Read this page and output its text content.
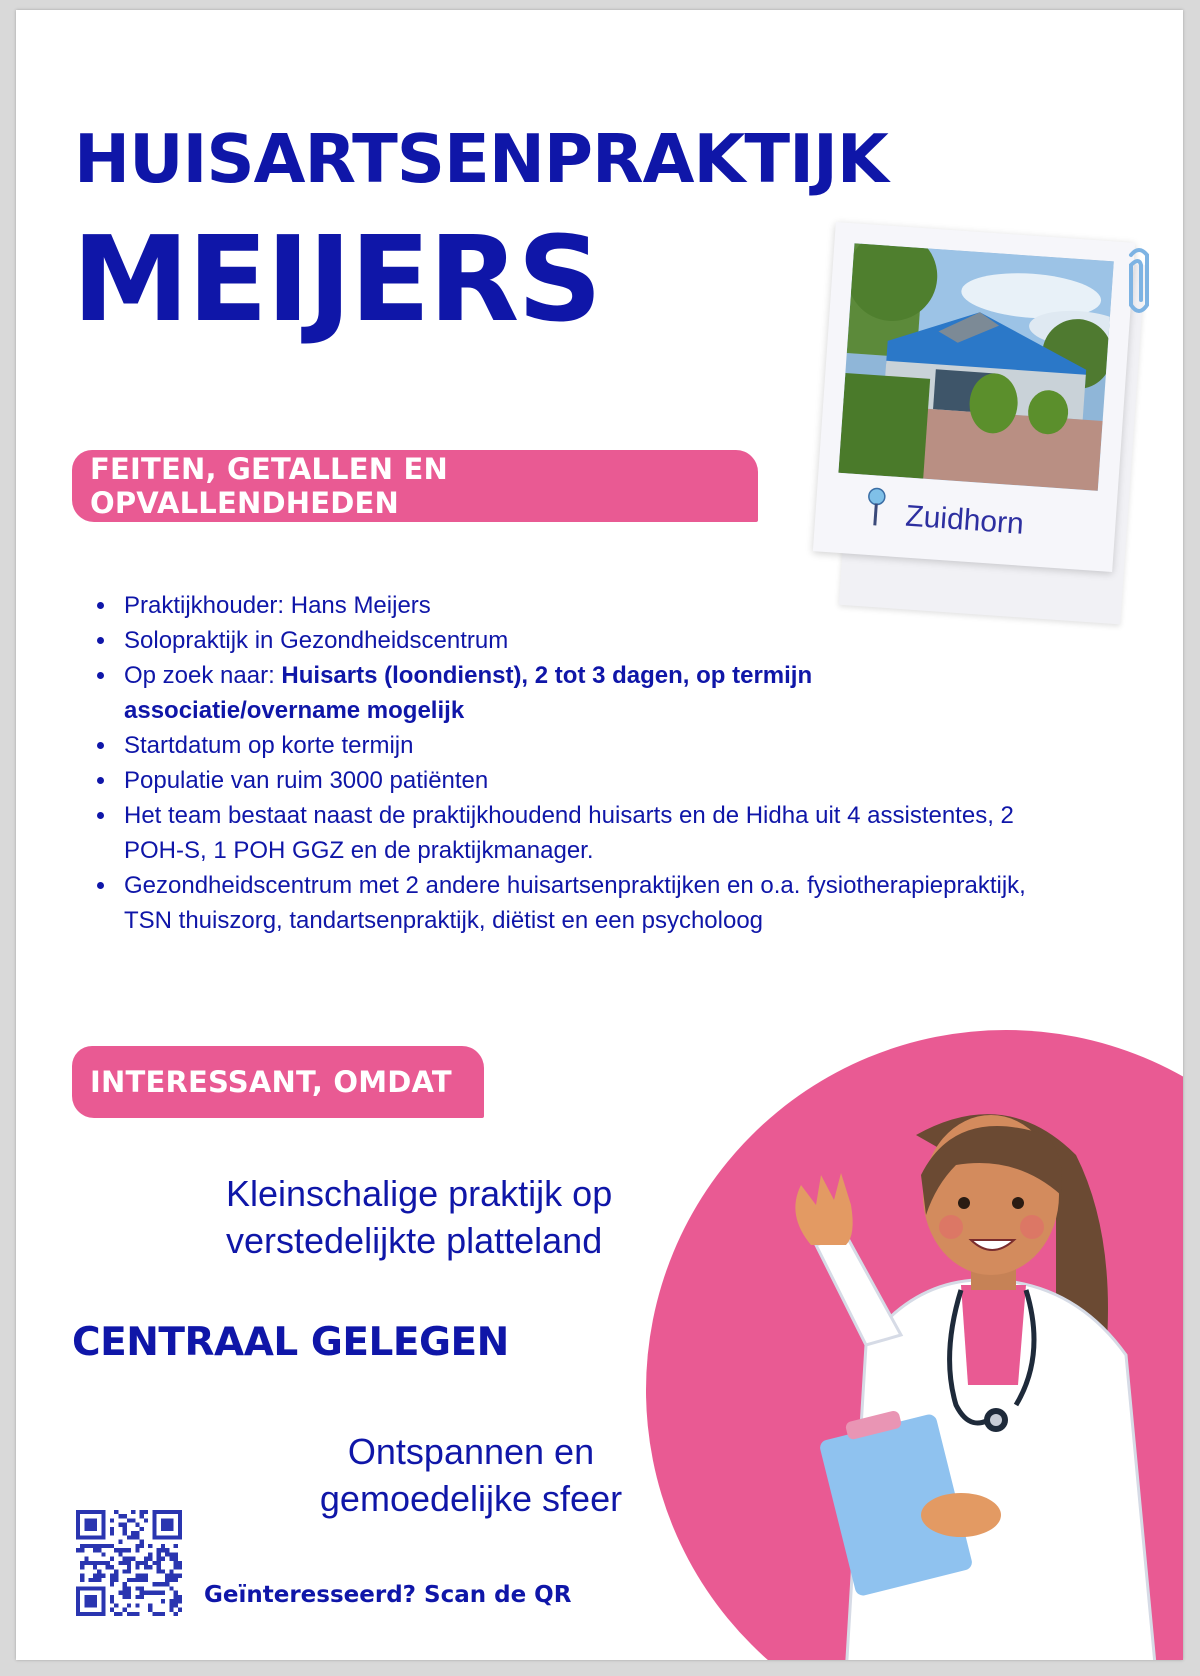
HUISARTSENPRAKTIJK
MEIJERS

Zuidhorn

FEITEN, GETALLEN EN OPVALLENDHEDEN
• Praktijkhouder: Hans Meijers
• Solopraktijk in Gezondheidscentrum
• Op zoek naar: Huisarts (loondienst), 2 tot 3 dagen, op termijn associatie/overname mogelijk
• Startdatum op korte termijn
• Populatie van ruim 3000 patiënten
• Het team bestaat naast de praktijkhoudend huisarts en de Hidha uit 4 assistentes, 2 POH-S, 1 POH GGZ en de praktijkmanager.
• Gezondheidscentrum met 2 andere huisartsenpraktijken en o.a. fysiotherapiepraktijk, TSN thuiszorg, tandartsenpraktijk, diëtist en een psycholoog
INTERESSANT, OMDAT

Kleinschalige praktijk op
verstedelijkte platteland

CENTRAAL GELEGEN

Ontspannen en
gemoedelijke sfeer

Geïnteresseerd? Scan de QR
